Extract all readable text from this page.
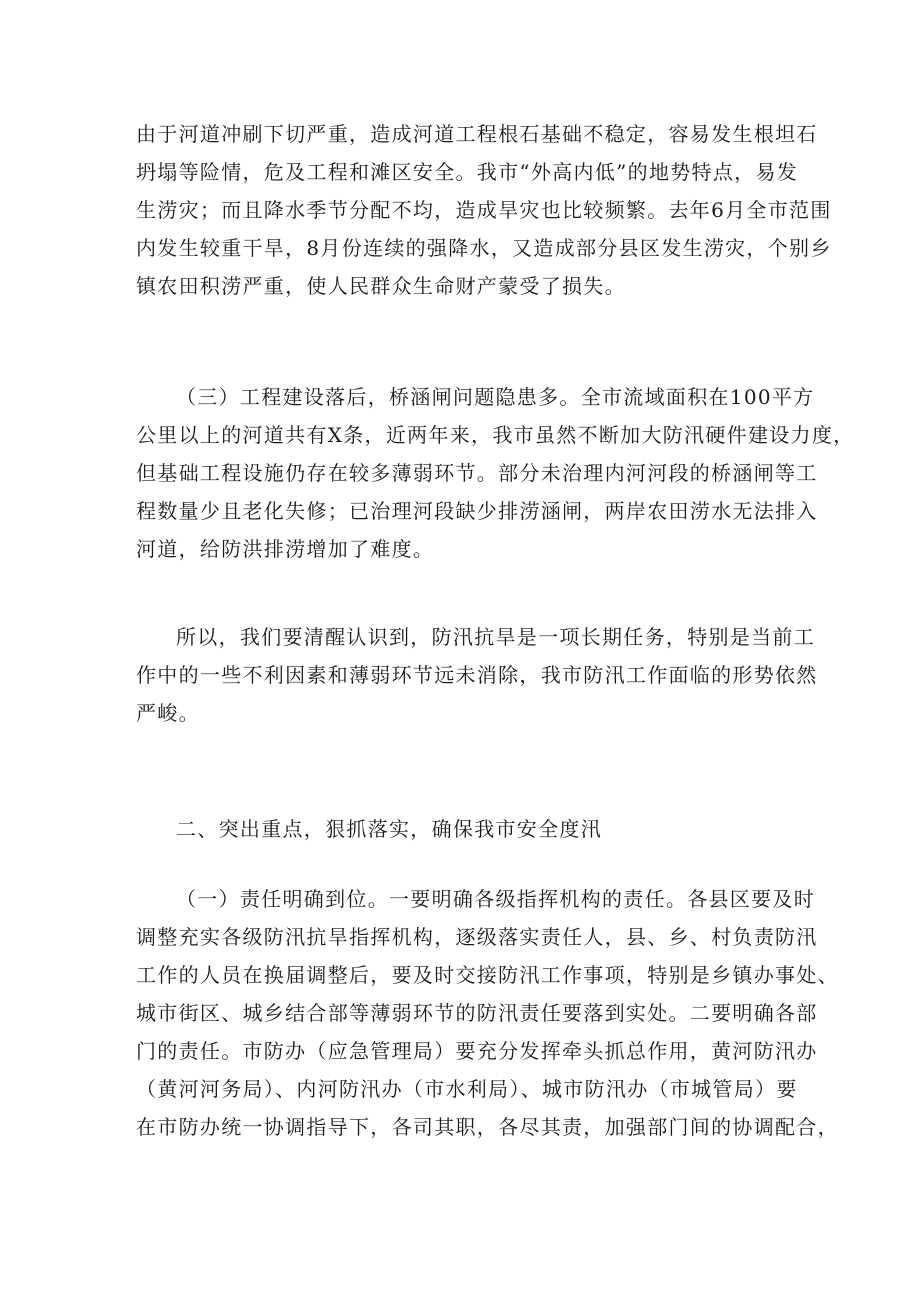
由于河道冲刷下切严重，造成河道工程根石基础不稳定，容易发生根坦石
坍塌等险情，危及工程和滩区安全。我市“外高内低”的地势特点，易发
生涝灾；而且降水季节分配不均，造成旱灾也比较频繁。去年6月全市范围
内发生较重干旱，8月份连续的强降水，又造成部分县区发生涝灾，个别乡
镇农田积涝严重，使人民群众生命财产蒙受了损失。
（三）工程建设落后，桥涵闸问题隐患多。全市流域面积在100平方
公里以上的河道共有X条，近两年来，我市虽然不断加大防汛硬件建设力度，
但基础工程设施仍存在较多薄弱环节。部分未治理内河河段的桥涵闸等工
程数量少且老化失修；已治理河段缺少排涝涵闸，两岸农田涝水无法排入
河道，给防洪排涝增加了难度。
所以，我们要清醒认识到，防汛抗旱是一项长期任务，特别是当前工
作中的一些不利因素和薄弱环节远未消除，我市防汛工作面临的形势依然
严峻。
二、突出重点，狠抓落实，确保我市安全度汛
（一）责任明确到位。一要明确各级指挥机构的责任。各县区要及时
调整充实各级防汛抗旱指挥机构，逐级落实责任人，县、乡、村负责防汛
工作的人员在换届调整后，要及时交接防汛工作事项，特别是乡镇办事处、
城市街区、城乡结合部等薄弱环节的防汛责任要落到实处。二要明确各部
门的责任。市防办（应急管理局）要充分发挥牵头抓总作用，黄河防汛办
（黄河河务局）、内河防汛办（市水利局）、城市防汛办（市城管局）要
在市防办统一协调指导下，各司其职，各尽其责，加强部门间的协调配合，
